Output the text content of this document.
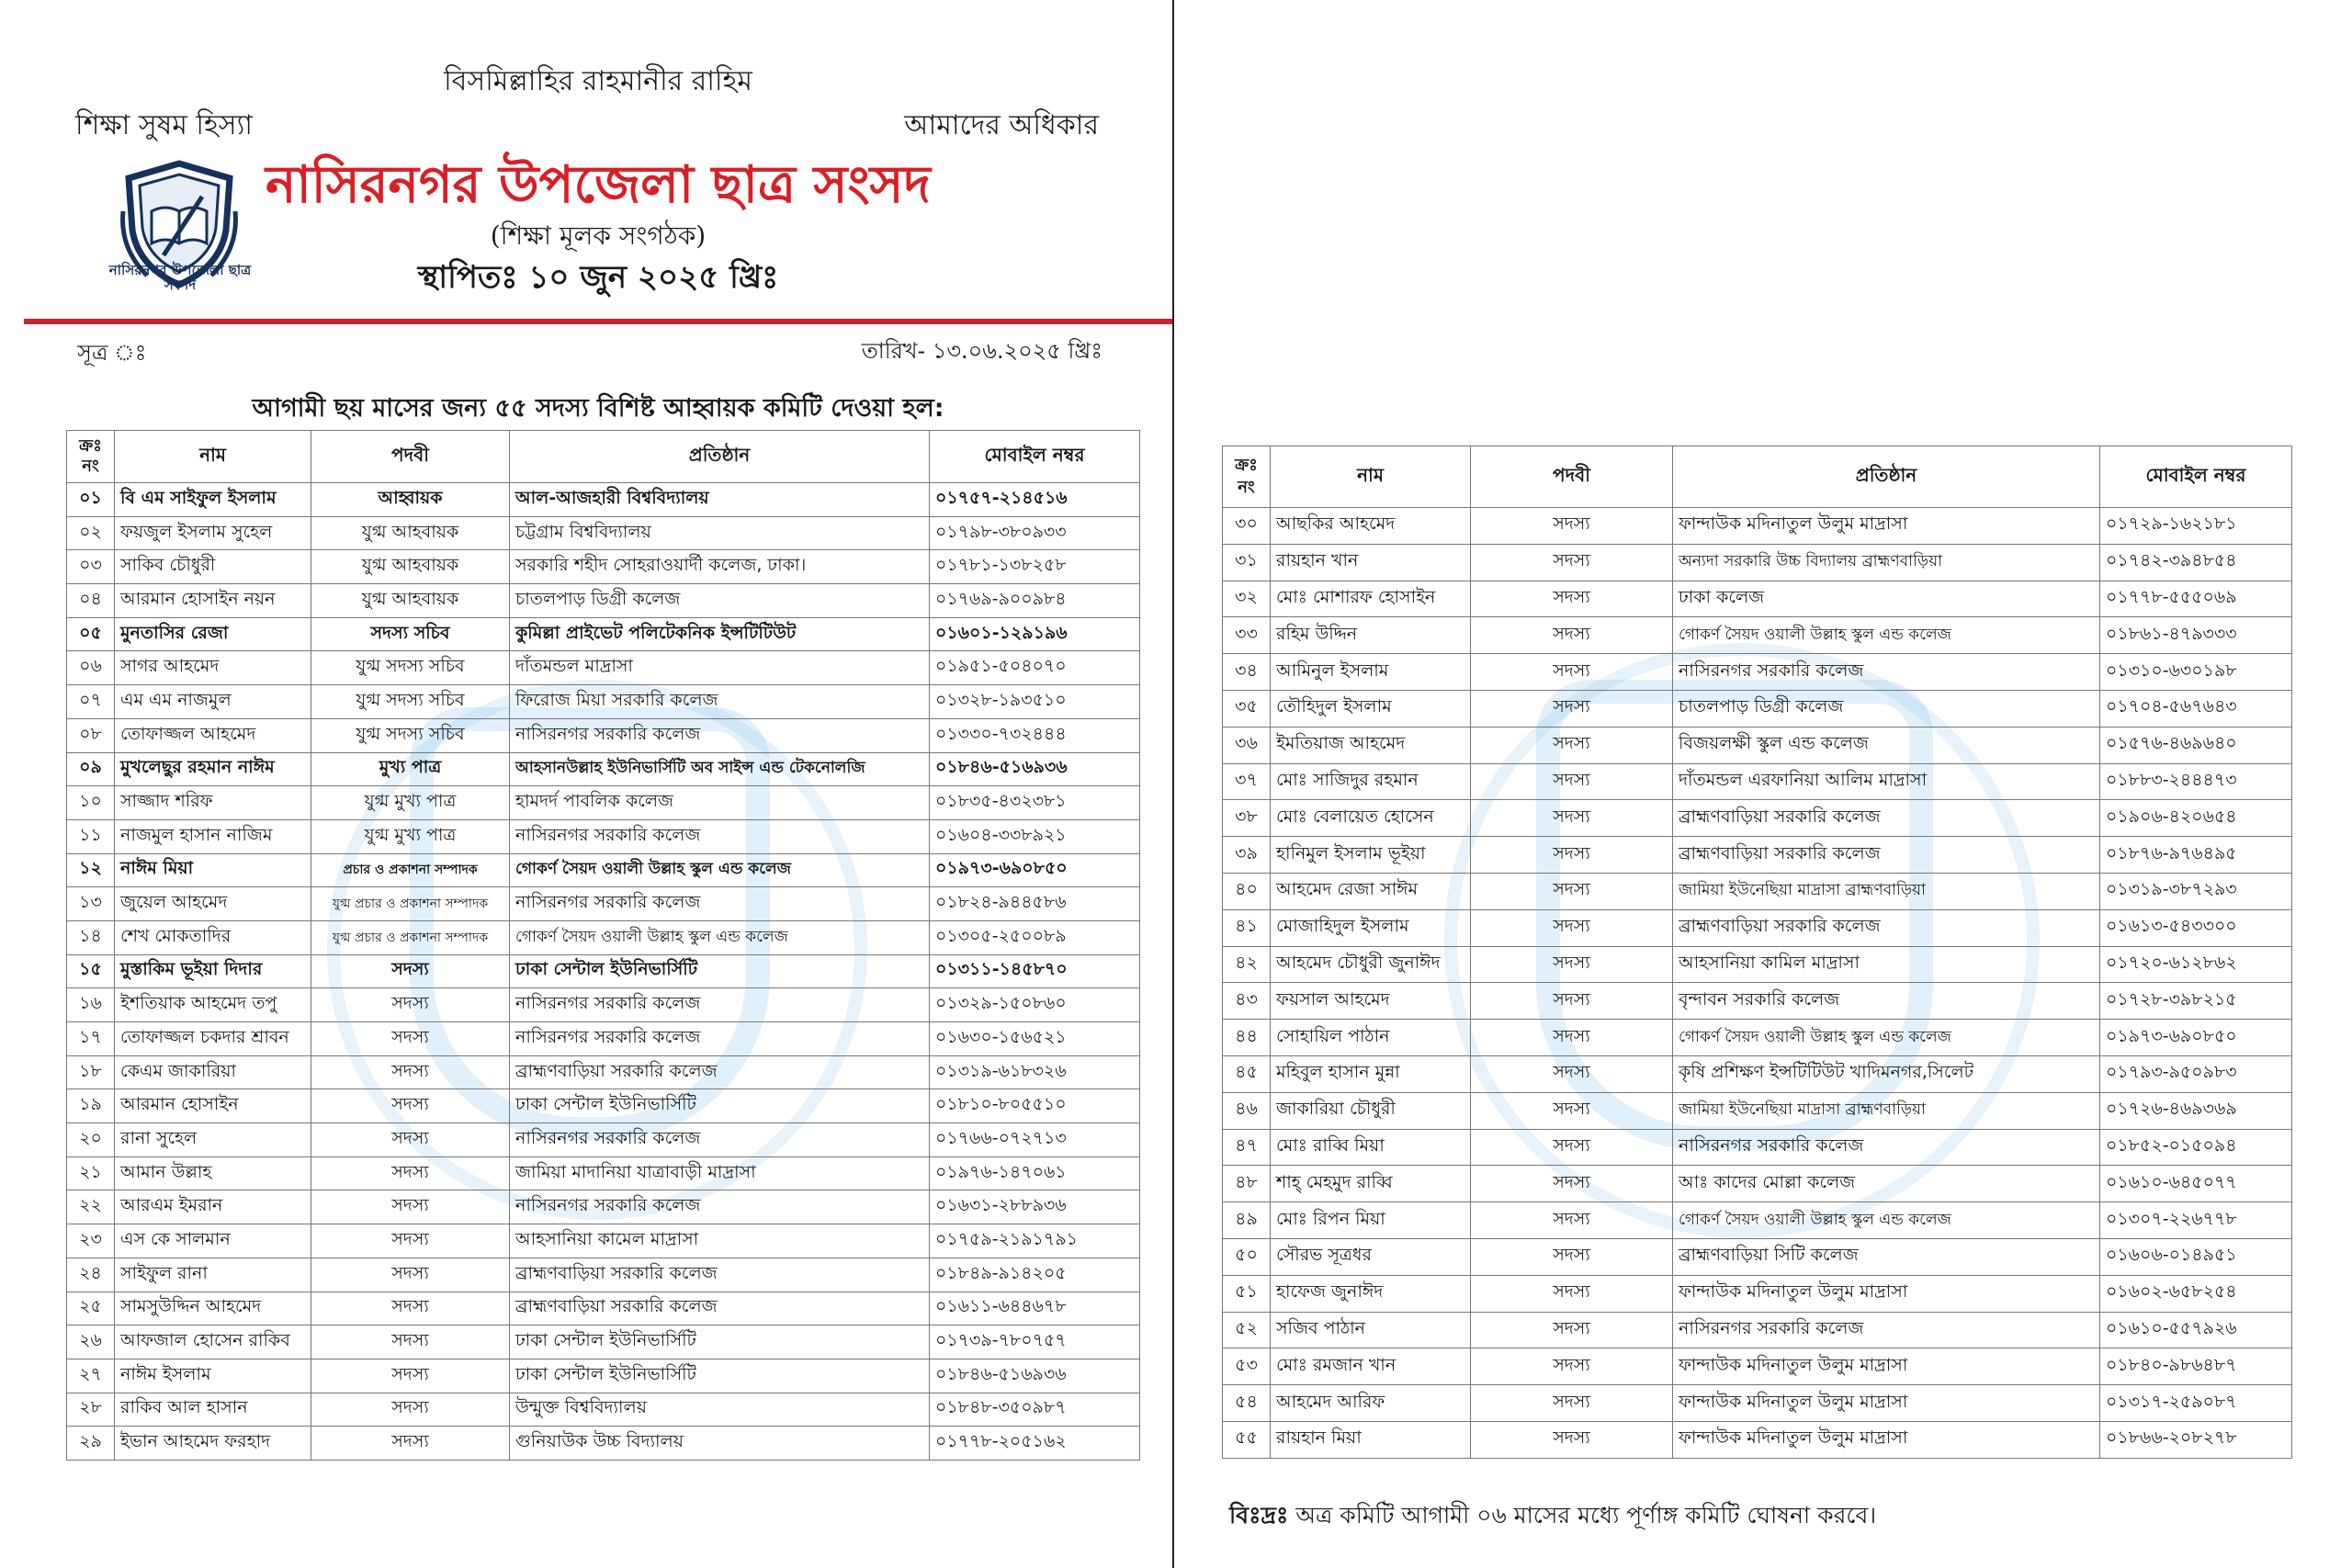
বিসমিল্লাহির রাহমানীর রাহিম
শিক্ষা সুষম হিস্যা	আমাদের অধিকার
নাসিরনগর উপজেলা ছাত্র সংসদ
নাসিরনগর উপজেলা ছাত্র সংসদ
(শিক্ষা মূলক সংগঠক)
স্থাপিতঃ ১০ জুন ২০২৫ খ্রিঃ
সূত্র ঃ	তারিখ- ১৩.০৬.২০২৫ খ্রিঃ
আগামী ছয় মাসের জন্য ৫৫ সদস্য বিশিষ্ট আহ্বায়ক কমিটি দেওয়া হল:
ক্রঃ নং	নাম	পদবী	প্রতিষ্ঠান	মোবাইল নম্বর
০১	বি এম সাইফুল ইসলাম	আহ্বায়ক	আল-আজহারী বিশ্ববিদ্যালয়	০১৭৫৭-২১৪৫১৬
০২	ফয়জুল ইসলাম সুহেল	যুগ্ম আহবায়ক	চট্টগ্রাম বিশ্ববিদ্যালয়	০১৭৯৮-৩৮০৯৩৩
০৩	সাকিব চৌধুরী	যুগ্ম আহবায়ক	সরকারি শহীদ সোহরাওয়ার্দী কলেজ, ঢাকা।	০১৭৮১-১৩৮২৫৮
০৪	আরমান হোসাইন নয়ন	যুগ্ম আহবায়ক	চাতলপাড় ডিগ্রী কলেজ	০১৭৬৯-৯০০৯৮৪
০৫	মুনতাসির রেজা	সদস্য সচিব	কুমিল্লা প্রাইভেট পলিটেকনিক ইন্সটিটিউট	০১৬০১-১২৯১৯৬
০৬	সাগর আহমেদ	যুগ্ম সদস্য সচিব	দাঁতমন্ডল মাদ্রাসা	০১৯৫১-৫০৪০৭০
০৭	এম এম নাজমুল	যুগ্ম সদস্য সচিব	ফিরোজ মিয়া সরকারি কলেজ	০১৩২৮-১৯৩৫১০
০৮	তোফাজ্জল আহমেদ	যুগ্ম সদস্য সচিব	নাসিরনগর সরকারি কলেজ	০১৩৩০-৭৩২৪৪৪
০৯	মুখলেছুর রহমান নাঈম	মুখ্য পাত্র	আহসানউল্লাহ ইউনিভার্সিটি অব সাইন্স এন্ড টেকনোলজি	০১৮৪৬-৫১৬৯৩৬
১০	সাজ্জাদ শরিফ	যুগ্ম মুখ্য পাত্র	হামদর্দ পাবলিক কলেজ	০১৮৩৫-৪৩২৩৮১
১১	নাজমুল হাসান নাজিম	যুগ্ম মুখ্য পাত্র	নাসিরনগর সরকারি কলেজ	০১৬০৪-৩৩৮৯২১
১২	নাঈম মিয়া	প্রচার ও প্রকাশনা সম্পাদক	গোকর্ণ সৈয়দ ওয়ালী উল্লাহ স্কুল এন্ড কলেজ	০১৯৭৩-৬৯০৮৫০
১৩	জুয়েল আহমেদ	যুগ্ম প্রচার ও প্রকাশনা সম্পাদক	নাসিরনগর সরকারি কলেজ	০১৮২৪-৯৪৪৫৮৬
১৪	শেখ মোকতাদির	যুগ্ম প্রচার ও প্রকাশনা সম্পাদক	গোকর্ণ সৈয়দ ওয়ালী উল্লাহ স্কুল এন্ড কলেজ	০১৩০৫-২৫০০৮৯
১৫	মুস্তাকিম ভূইয়া দিদার	সদস্য	ঢাকা সেন্টাল ইউনিভার্সিটি	০১৩১১-১৪৫৮৭০
১৬	ইশতিয়াক আহমেদ তপু	সদস্য	নাসিরনগর সরকারি কলেজ	০১৩২৯-১৫০৮৬০
১৭	তোফাজ্জল চকদার শ্রাবন	সদস্য	নাসিরনগর সরকারি কলেজ	০১৬৩০-১৫৬৫২১
১৮	কেএম জাকারিয়া	সদস্য	ব্রাহ্মণবাড়িয়া সরকারি কলেজ	০১৩১৯-৬১৮৩২৬
১৯	আরমান হোসাইন	সদস্য	ঢাকা সেন্টাল ইউনিভার্সিটি	০১৮১০-৮০৫৫১০
২০	রানা সুহেল	সদস্য	নাসিরনগর সরকারি কলেজ	০১৭৬৬-০৭২৭১৩
২১	আমান উল্লাহ	সদস্য	জামিয়া মাদানিয়া যাত্রাবাড়ী মাদ্রাসা	০১৯৭৬-১৪৭০৬১
২২	আরএম ইমরান	সদস্য	নাসিরনগর সরকারি কলেজ	০১৬৩১-২৮৮৯৩৬
২৩	এস কে সালমান	সদস্য	আহসানিয়া কামেল মাদ্রাসা	০১৭৫৯-২১৯১৭৯১
২৪	সাইফুল রানা	সদস্য	ব্রাহ্মণবাড়িয়া সরকারি কলেজ	০১৮৪৯-৯১৪২০৫
২৫	সামসুউদ্দিন আহমেদ	সদস্য	ব্রাহ্মণবাড়িয়া সরকারি কলেজ	০১৬১১-৬৪৪৬৭৮
২৬	আফজাল হোসেন রাকিব	সদস্য	ঢাকা সেন্টাল ইউনিভার্সিটি	০১৭৩৯-৭৮০৭৫৭
২৭	নাঈম ইসলাম	সদস্য	ঢাকা সেন্টাল ইউনিভার্সিটি	০১৮৪৬-৫১৬৯৩৬
২৮	রাকিব আল হাসান	সদস্য	উন্মুক্ত বিশ্ববিদ্যালয়	০১৮৪৮-৩৫০৯৮৭
২৯	ইভান আহমেদ ফরহাদ	সদস্য	গুনিয়াউক উচ্চ বিদ্যালয়	০১৭৭৮-২০৫১৬২
ক্রঃ নং	নাম	পদবী	প্রতিষ্ঠান	মোবাইল নম্বর
৩০	আছকির আহমেদ	সদস্য	ফান্দাউক মদিনাতুল উলুম মাদ্রাসা	০১৭২৯-১৬২১৮১
৩১	রায়হান খান	সদস্য	অন্যদা সরকারি উচ্চ বিদ্যালয় ব্রাহ্মণবাড়িয়া	০১৭৪২-৩৯৪৮৫৪
৩২	মোঃ মোশারফ হোসাইন	সদস্য	ঢাকা কলেজ	০১৭৭৮-৫৫৫০৬৯
৩৩	রহিম উদ্দিন	সদস্য	গোকর্ণ সৈয়দ ওয়ালী উল্লাহ স্কুল এন্ড কলেজ	০১৮৬১-৪৭৯৩৩৩
৩৪	আমিনুল ইসলাম	সদস্য	নাসিরনগর সরকারি কলেজ	০১৩১০-৬৩০১৯৮
৩৫	তৌহিদুল ইসলাম	সদস্য	চাতলপাড় ডিগ্রী কলেজ	০১৭০৪-৫৬৭৬৪৩
৩৬	ইমতিয়াজ আহমেদ	সদস্য	বিজয়লক্ষী স্কুল এন্ড কলেজ	০১৫৭৬-৪৬৯৬৪০
৩৭	মোঃ সাজিদুর রহমান	সদস্য	দাঁতমন্ডল এরফানিয়া আলিম মাদ্রাসা	০১৮৮৩-২৪৪৪৭৩
৩৮	মোঃ বেলায়েত হোসেন	সদস্য	ব্রাহ্মণবাড়িয়া সরকারি কলেজ	০১৯০৬-৪২০৬৫৪
৩৯	হানিমুল ইসলাম ভূইয়া	সদস্য	ব্রাহ্মণবাড়িয়া সরকারি কলেজ	০১৮৭৬-৯৭৬৪৯৫
৪০	আহমেদ রেজা সাঈম	সদস্য	জামিয়া ইউনেছিয়া মাদ্রাসা ব্রাহ্মণবাড়িয়া	০১৩১৯-৩৮৭২৯৩
৪১	মোজাহিদুল ইসলাম	সদস্য	ব্রাহ্মণবাড়িয়া সরকারি কলেজ	০১৬১৩-৫৪৩৩০০
৪২	আহমেদ চৌধুরী জুনাঈদ	সদস্য	আহসানিয়া কামিল মাদ্রাসা	০১৭২০-৬১২৮৬২
৪৩	ফয়সাল আহমেদ	সদস্য	বৃন্দাবন সরকারি কলেজ	০১৭২৮-৩৯৮২১৫
৪৪	সোহায়িল পাঠান	সদস্য	গোকর্ণ সৈয়দ ওয়ালী উল্লাহ স্কুল এন্ড কলেজ	০১৯৭৩-৬৯০৮৫০
৪৫	মহিবুল হাসান মুন্না	সদস্য	কৃষি প্রশিক্ষণ ইন্সটিটিউট খাদিমনগর,সিলেট	০১৭৯৩-৯৫০৯৮৩
৪৬	জাকারিয়া চৌধুরী	সদস্য	জামিয়া ইউনেছিয়া মাদ্রাসা ব্রাহ্মণবাড়িয়া	০১৭২৬-৪৬৯৩৬৯
৪৭	মোঃ রাব্বি মিয়া	সদস্য	নাসিরনগর সরকারি কলেজ	০১৮৫২-০১৫০৯৪
৪৮	শাহ্ মেহমুদ রাব্বি	সদস্য	আঃ কাদের মোল্লা কলেজ	০১৬১০-৬৪৫০৭৭
৪৯	মোঃ রিপন মিয়া	সদস্য	গোকর্ণ সৈয়দ ওয়ালী উল্লাহ স্কুল এন্ড কলেজ	০১৩০৭-২২৬৭৭৮
৫০	সৌরভ সূত্রধর	সদস্য	ব্রাহ্মণবাড়িয়া সিটি কলেজ	০১৬০৬-০১৪৯৫১
৫১	হাফেজ জুনাঈদ	সদস্য	ফান্দাউক মদিনাতুল উলুম মাদ্রাসা	০১৬০২-৬৫৮২৫৪
৫২	সজিব পাঠান	সদস্য	নাসিরনগর সরকারি কলেজ	০১৬১০-৫৫৭৯২৬
৫৩	মোঃ রমজান খান	সদস্য	ফান্দাউক মদিনাতুল উলুম মাদ্রাসা	০১৮৪০-৯৮৬৪৮৭
৫৪	আহমেদ আরিফ	সদস্য	ফান্দাউক মদিনাতুল উলুম মাদ্রাসা	০১৩১৭-২৫৯০৮৭
৫৫	রায়হান মিয়া	সদস্য	ফান্দাউক মদিনাতুল উলুম মাদ্রাসা	০১৮৬৬-২০৮২৭৮
বিঃদ্রঃ অত্র কমিটি আগামী ০৬ মাসের মধ্যে পূর্ণাঙ্গ কমিটি ঘোষনা করবে।
